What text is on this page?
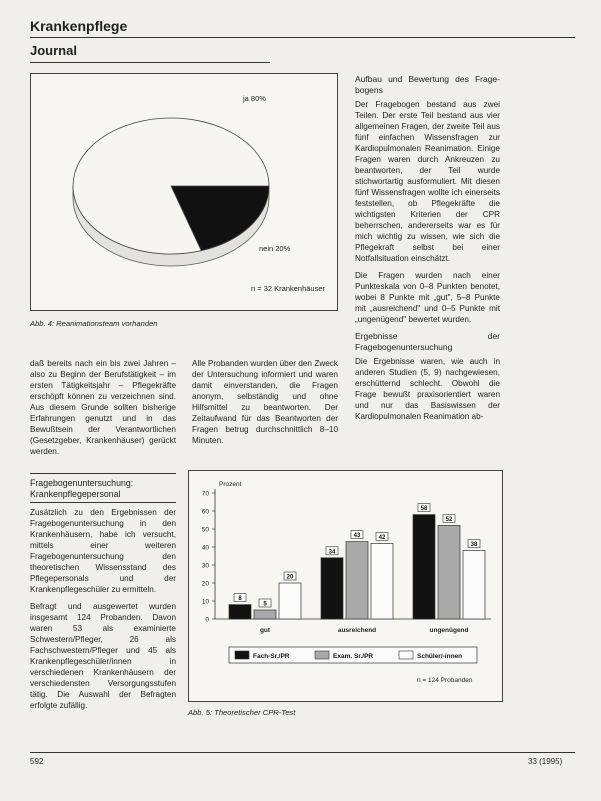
Krankenpflege
Journal
ja 80%
nein 20%
n = 32 Krankenhäuser
Abb. 4: Reanimationsteam vorhanden
Aufbau und Bewertung des Frage-bogens

Der Fragebogen bestand aus zwei Teilen. Der erste Teil bestand aus vier allgemeinen Fragen, der zweite Teil aus fünf einfachen Wissensfragen zur Kardiopulmonalen Reanimation. Einige Fragen waren durch Ankreuzen zu beantworten, der Teil wurde stichwortartig ausformuliert. Mit diesen fünf Wissensfragen wollte ich einerseits feststellen, ob Pflegekräfte die wichtigsten Kriterien der CPR beherrschen, andererseits war es für mich wichtig zu wissen, wie sich die Pflegekraft selbst bei einer Notfallsituation einschätzt.

Die Fragen wurden nach einer Punkteskala von 0–8 Punkten benotet, wobei 8 Punkte mit „gut", 5–8 Punkte mit „ausreichend" und 0–5 Punkte mit „ungenügend" bewertet wurden.

Ergebnisse der Fragebogenuntersuchung

Die Ergebnisse waren, wie auch in anderen Studien (5, 9) nachgewiesen, erschütternd schlecht. Obwohl die Frage bewußt praxisorientiert waren und nur das Basiswissen der Kardiopulmonalen Reanimation ab-

daß bereits nach ein bis zwei Jahren – also zu Beginn der Berufstätigkeit – im ersten Tätigkeitsjahr – Pflegekräfte erschöpft können zu verzeichnen sind. Aus diesem Grunde sollten bisherige Erfahrungen genutzt und in das Bewußtsein der Verantwortlichen (Gesetzgeber, Krankenhäuser) gerückt werden.

Alle Probanden wurden über den Zweck der Untersuchung informiert und waren damit einverstanden, die Fragen anonym, selbständig und ohne Hilfsmittel zu beantworten. Der Zeitaufwand für das Beantworten der Fragen betrug durchschnittlich 8–10 Minuten.

Fragebogenuntersuchung: Krankenpflegepersonal

Zusätzlich zu den Ergebnissen der Fragebogenuntersuchung in den Krankenhäusern, habe ich versucht, mittels einer weiteren Fragebogenuntersuchung den theoretischen Wissensstand des Pflegepersonals und der Krankenpflegeschüler zu ermitteln.

Befragt und ausgewertet wurden insgesamt 124 Probanden. Davon waren 53 als examinierte Schwestern/Pfleger, 26 als Fachschwestern/Pfleger und 45 als Krankenpflegeschüler/innen in verschiedenen Krankenhäusern der verschiedensten Versorgungsstufen tätig. Die Auswahl der Befragten erfolgte zufällig.

Prozent
0
10
20
30
40
50
60
70
8
5
20
gut
34
43	42
ausreichend
58
52
38
ungenügend
Fach-Sr./PR	Exam. Sr./PR	Schüler/-innen
n = 124 Probanden
Abb. 5: Theoretischer CPR-Test
592	33 (1995)
